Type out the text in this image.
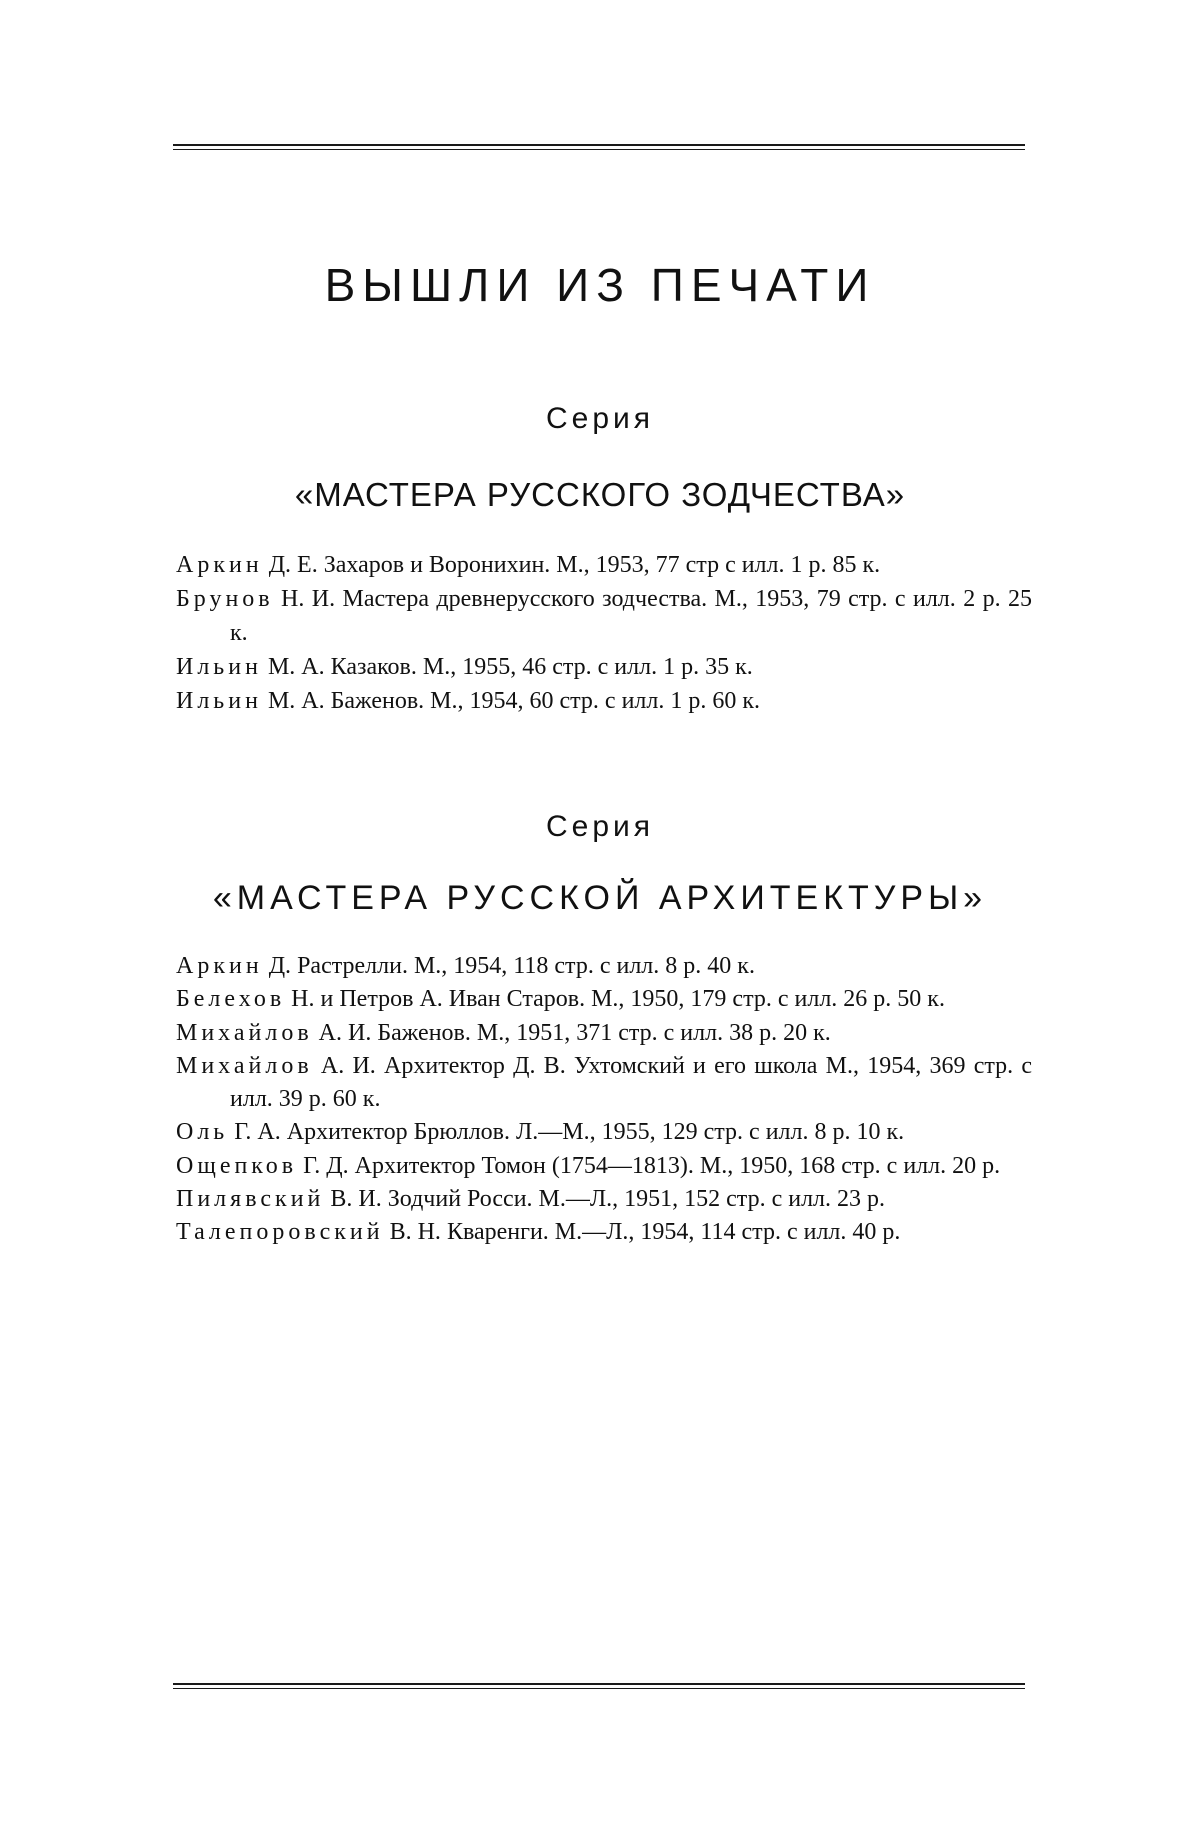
ВЫШЛИ ИЗ ПЕЧАТИ
Серия
«МАСТЕРА РУССКОГО ЗОДЧЕСТВА»
Аркин Д. Е. Захаров и Воронихин. М., 1953, 77 стр с илл. 1 р. 85 к.
Брунов Н. И. Мастера древнерусского зодчества. М., 1953, 79 стр. с илл. 2 р. 25 к.
Ильин М. А. Казаков. М., 1955, 46 стр. с илл. 1 р. 35 к.
Ильин М. А. Баженов. М., 1954, 60 стр. с илл. 1 р. 60 к.
Серия
«МАСТЕРА РУССКОЙ АРХИТЕКТУРЫ»
Аркин Д. Растрелли. М., 1954, 118 стр. с илл. 8 р. 40 к.
Белехов Н. и Петров А. Иван Старов. М., 1950, 179 стр. с илл. 26 р. 50 к.
Михайлов А. И. Баженов. М., 1951, 371 стр. с илл. 38 р. 20 к.
Михайлов А. И. Архитектор Д. В. Ухтомский и его школа М., 1954, 369 стр. с илл. 39 р. 60 к.
Оль Г. А. Архитектор Брюллов. Л.—М., 1955, 129 стр. с илл. 8 р. 10 к.
Ощепков Г. Д. Архитектор Томон (1754—1813). М., 1950, 168 стр. с илл. 20 р.
Пилявский В. И. Зодчий Росси. М.—Л., 1951, 152 стр. с илл. 23 р.
Талепоровский В. Н. Кваренги. М.—Л., 1954, 114 стр. с илл. 40 р.
